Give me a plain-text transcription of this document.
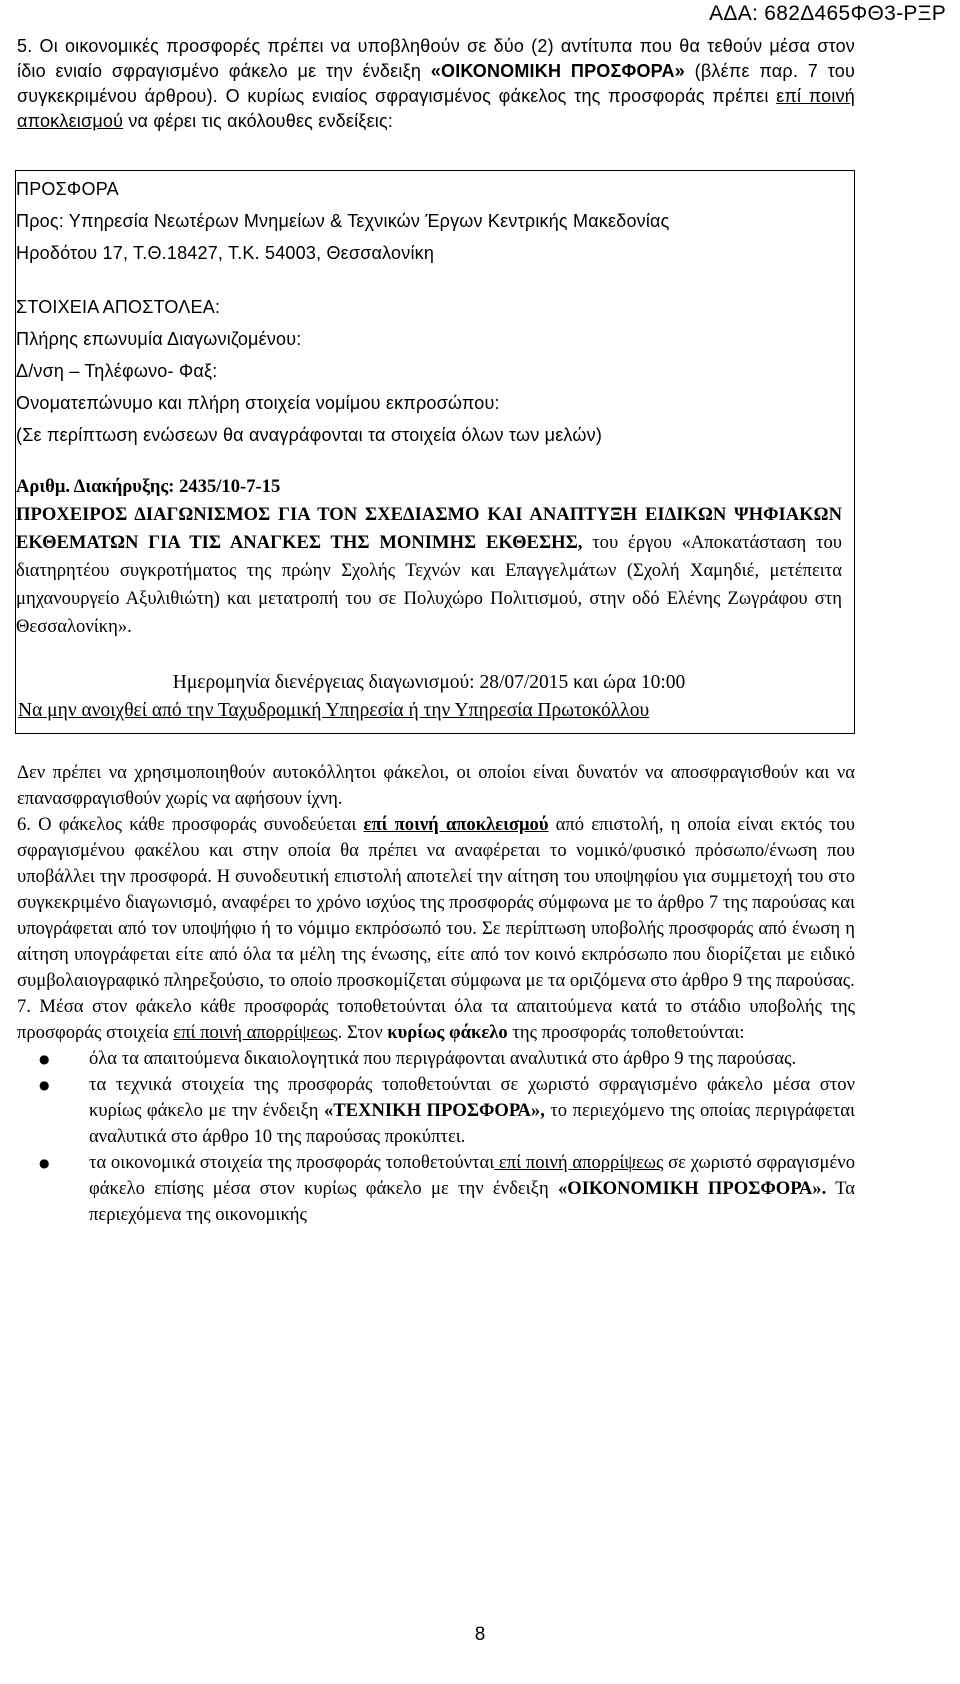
ΑΔΑ: 682Δ465ΦΘ3-ΡΞΡ

5. Οι οικονομικές προσφορές πρέπει να υποβληθούν σε δύο (2) αντίτυπα που θα τεθούν μέσα στον ίδιο ενιαίο σφραγισμένο φάκελο με την ένδειξη «ΟΙΚΟΝΟΜΙΚΗ ΠΡΟΣΦΟΡΑ» (βλέπε παρ. 7 του συγκεκριμένου άρθρου). Ο κυρίως ενιαίος σφραγισμένος φάκελος της προσφοράς πρέπει επί ποινή αποκλεισμού να φέρει τις ακόλουθες ενδείξεις:

ΠΡΟΣΦΟΡΑ

Προς: Υπηρεσία Νεωτέρων Μνημείων & Τεχνικών Έργων Κεντρικής Μακεδονίας

Ηροδότου 17, Τ.Θ.18427, Τ.Κ. 54003, Θεσσαλονίκη

ΣΤΟΙΧΕΙΑ ΑΠΟΣΤΟΛΕΑ:

Πλήρης επωνυμία Διαγωνιζομένου:

Δ/νση – Τηλέφωνο- Φαξ:

Ονοματεπώνυμο και πλήρη στοιχεία νομίμου εκπροσώπου:

(Σε περίπτωση ενώσεων θα αναγράφονται τα στοιχεία όλων των μελών)

Αριθμ. Διακήρυξης: 2435/10-7-15

ΠΡΟΧΕΙΡΟΣ ΔΙΑΓΩΝΙΣΜΟΣ ΓΙΑ ΤΟΝ ΣΧΕΔΙΑΣΜΟ ΚΑΙ ΑΝΑΠΤΥΞΗ ΕΙΔΙΚΩΝ ΨΗΦΙΑΚΩΝ ΕΚΘΕΜΑΤΩΝ ΓΙΑ ΤΙΣ ΑΝΑΓΚΕΣ ΤΗΣ ΜΟΝΙΜΗΣ ΕΚΘΕΣΗΣ, του έργου «Αποκατάσταση του διατηρητέου συγκροτήματος της πρώην Σχολής Τεχνών και Επαγγελμάτων (Σχολή Χαμηδιέ, μετέπειτα μηχανουργείο Αξυλιθιώτη) και μετατροπή του σε Πολυχώρο Πολιτισμού, στην οδό Ελένης Ζωγράφου στη Θεσσαλονίκη».

Ημερομηνία διενέργειας διαγωνισμού: 28/07/2015 και ώρα 10:00

Να μην ανοιχθεί από την Ταχυδρομική Υπηρεσία ή την Υπηρεσία Πρωτοκόλλου

Δεν πρέπει να χρησιμοποιηθούν αυτοκόλλητοι φάκελοι, οι οποίοι είναι δυνατόν να αποσφραγισθούν και να επανασφραγισθούν χωρίς να αφήσουν ίχνη.

6. Ο φάκελος κάθε προσφοράς συνοδεύεται επί ποινή αποκλεισμού από επιστολή, η οποία είναι εκτός του σφραγισμένου φακέλου και στην οποία θα πρέπει να αναφέρεται το νομικό/φυσικό πρόσωπο/ένωση που υποβάλλει την προσφορά. Η συνοδευτική επιστολή αποτελεί την αίτηση του υποψηφίου για συμμετοχή του στο συγκεκριμένο διαγωνισμό, αναφέρει το χρόνο ισχύος της προσφοράς σύμφωνα με το άρθρο 7 της παρούσας και υπογράφεται από τον υποψήφιο ή το νόμιμο εκπρόσωπό του. Σε περίπτωση υποβολής προσφοράς από ένωση η αίτηση υπογράφεται είτε από όλα τα μέλη της ένωσης, είτε από τον κοινό εκπρόσωπο που διορίζεται με ειδικό συμβολαιογραφικό πληρεξούσιο, το οποίο προσκομίζεται σύμφωνα με τα οριζόμενα στο άρθρο 9 της παρούσας.

7. Μέσα στον φάκελο κάθε προσφοράς τοποθετούνται όλα τα απαιτούμενα κατά το στάδιο υποβολής της προσφοράς στοιχεία επί ποινή απορρίψεως. Στον κυρίως φάκελο της προσφοράς τοποθετούνται:

● όλα τα απαιτούμενα δικαιολογητικά που περιγράφονται αναλυτικά στο άρθρο 9 της παρούσας.
● τα τεχνικά στοιχεία της προσφοράς τοποθετούνται σε χωριστό σφραγισμένο φάκελο μέσα στον κυρίως φάκελο με την ένδειξη «ΤΕΧΝΙΚΗ ΠΡΟΣΦΟΡΑ», το περιεχόμενο της οποίας περιγράφεται αναλυτικά στο άρθρο 10 της παρούσας προκύπτει.
● τα οικονομικά στοιχεία της προσφοράς τοποθετούνται επί ποινή απορρίψεως σε χωριστό σφραγισμένο φάκελο επίσης μέσα στον κυρίως φάκελο με την ένδειξη «ΟΙΚΟΝΟΜΙΚΗ ΠΡΟΣΦΟΡΑ». Τα περιεχόμενα της οικονομικής
8
